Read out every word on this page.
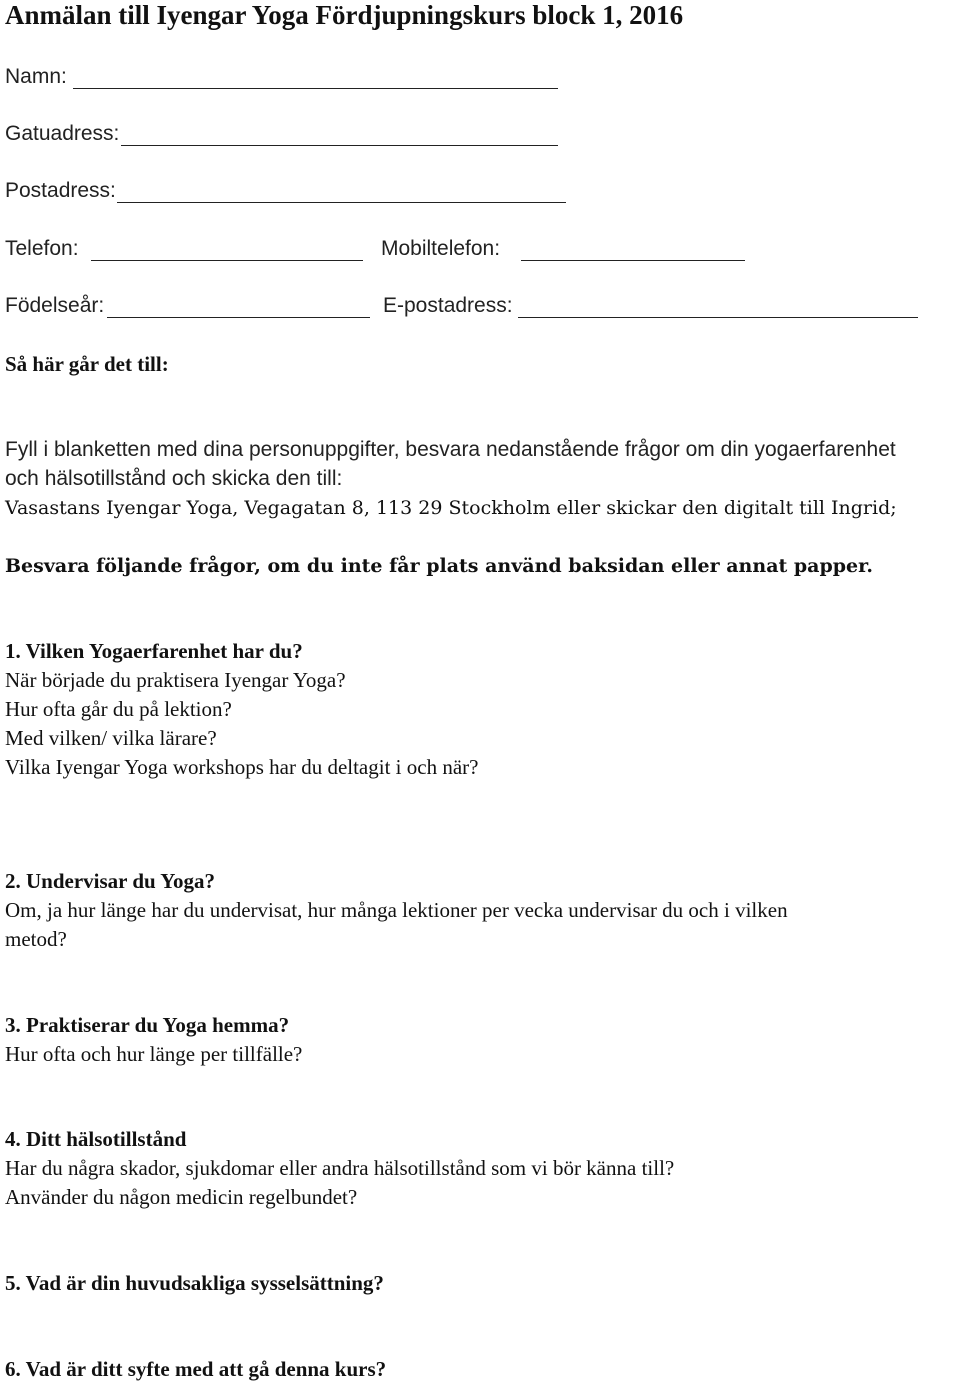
Anmälan till Iyengar Yoga Fördjupningskurs block 1, 2016
Namn:
Gatuadress:
Postadress:
Telefon:	Mobiltelefon:
Födelseår:	E-postadress:
Så här går det till:
Fyll i blanketten med dina personuppgifter, besvara nedanstående frågor om din yogaerfarenhet
och hälsotillstånd och skicka den till:
Vasastans Iyengar Yoga, Vegagatan 8, 113 29 Stockholm eller skickar den digitalt till Ingrid;
Besvara följande frågor, om du inte får plats använd baksidan eller annat papper.
1. Vilken Yogaerfarenhet har du?
När började du praktisera Iyengar Yoga?
Hur ofta går du på lektion?
Med vilken/ vilka lärare?
Vilka Iyengar Yoga workshops har du deltagit i och när?
2. Undervisar du Yoga?
Om, ja hur länge har du undervisat, hur många lektioner per vecka undervisar du och i vilken
metod?
3. Praktiserar du Yoga hemma?
Hur ofta och hur länge per tillfälle?
4. Ditt hälsotillstånd
Har du några skador, sjukdomar eller andra hälsotillstånd som vi bör känna till?
Använder du någon medicin regelbundet?
5. Vad är din huvudsakliga sysselsättning?
6. Vad är ditt syfte med att gå denna kurs?
